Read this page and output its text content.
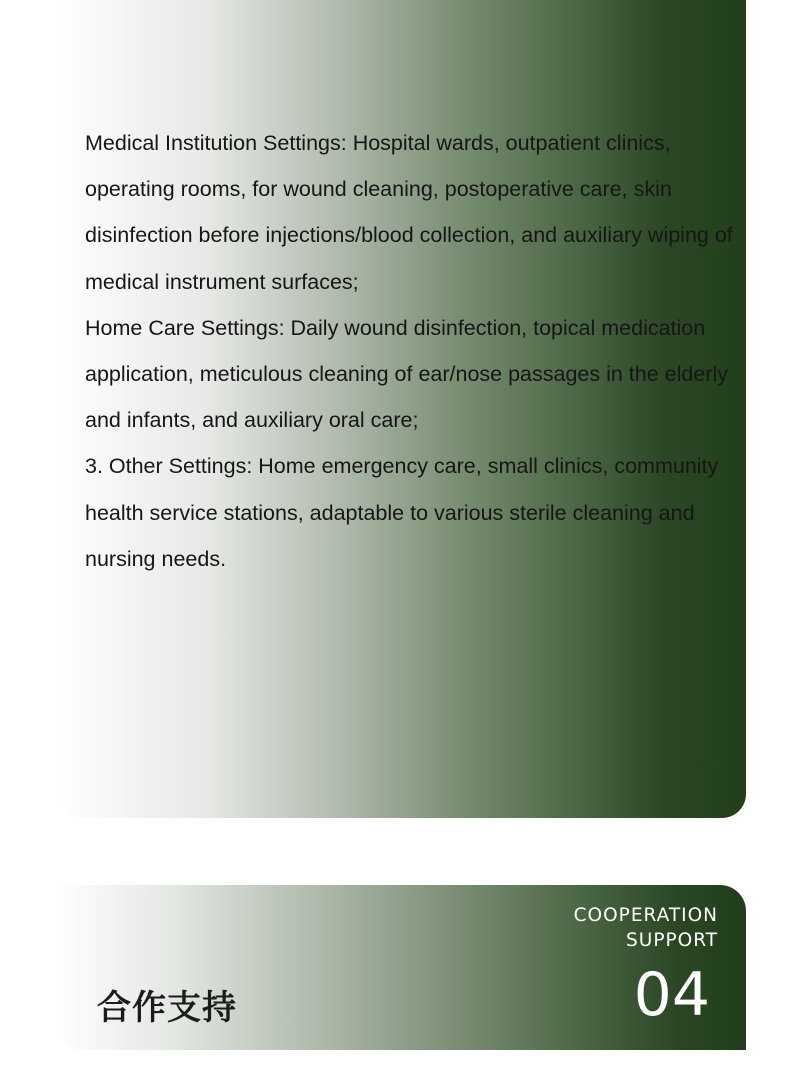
Medical Institution Settings: Hospital wards, outpatient clinics, operating rooms, for wound cleaning, postoperative care, skin disinfection before injections/blood collection, and auxiliary wiping of medical instrument surfaces;
Home Care Settings: Daily wound disinfection, topical medication application, meticulous cleaning of ear/nose passages in the elderly and infants, and auxiliary oral care;
3. Other Settings: Home emergency care, small clinics, community health service stations, adaptable to various sterile cleaning and nursing needs.
合作支持
COOPERATION
SUPPORT
04
